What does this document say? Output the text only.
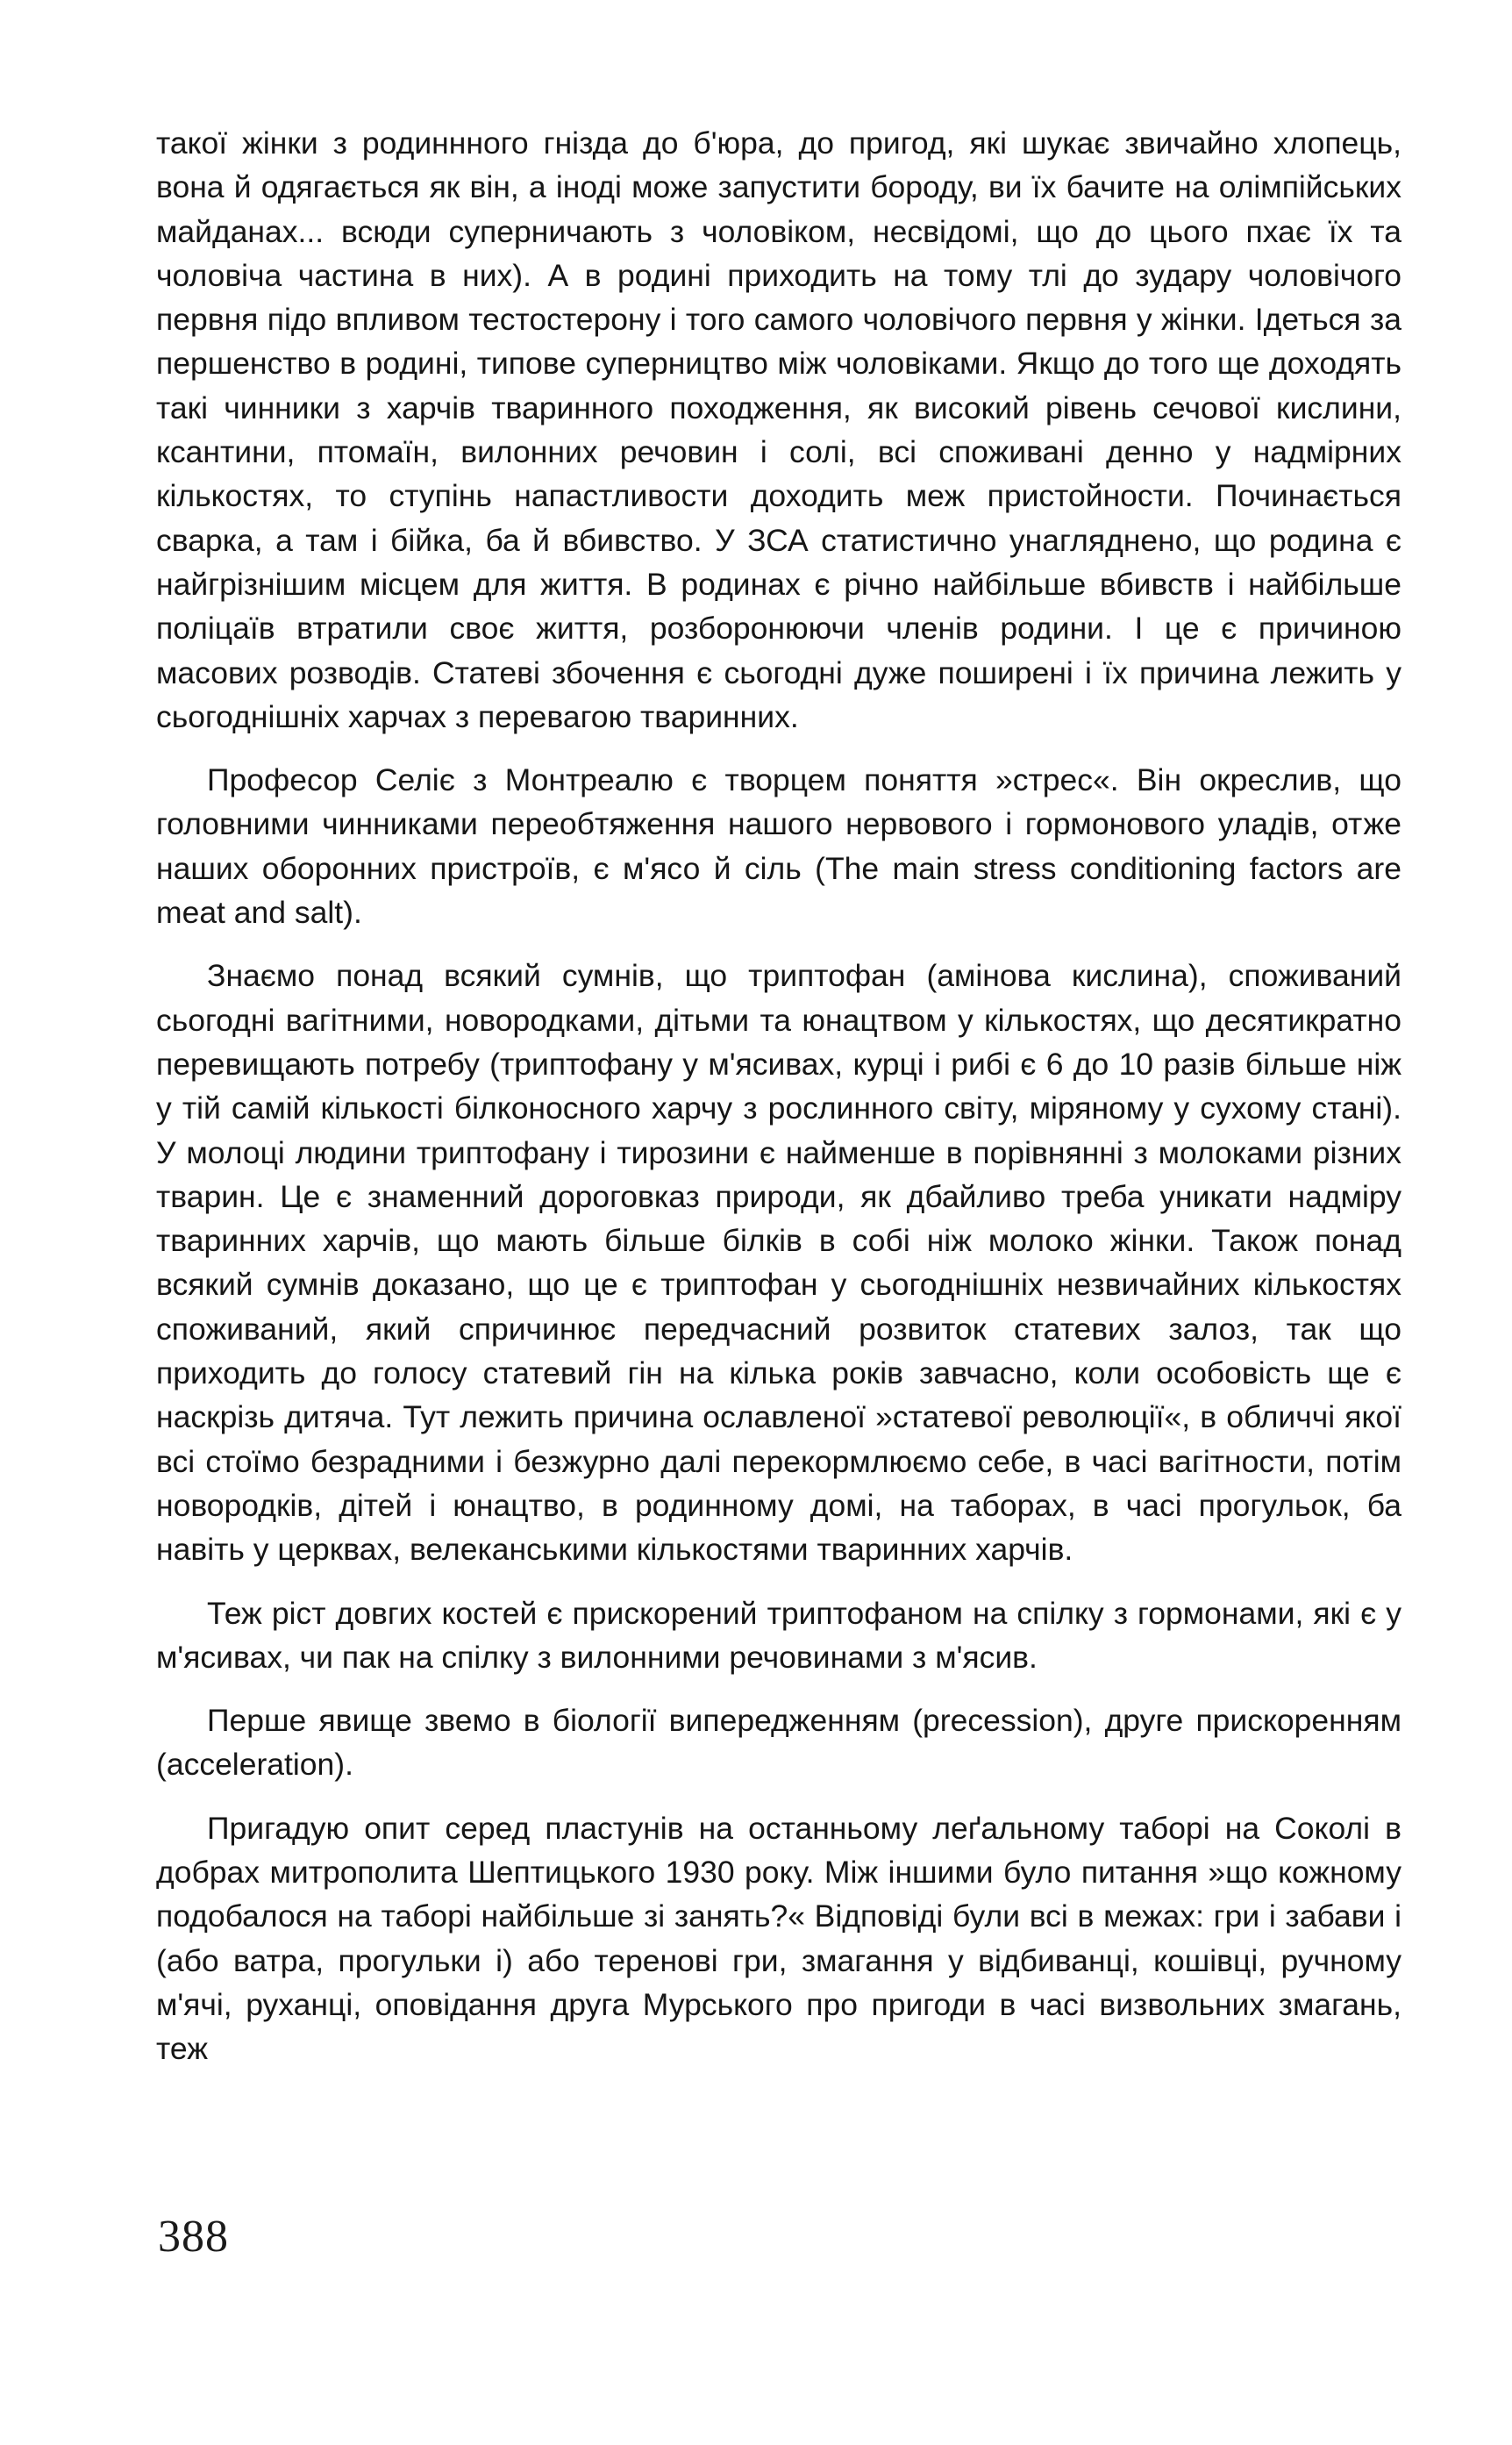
такої жінки з родинннoго гнізда до б'юра, до пригод, які шукає звичайно хлопець, вона й одягається як він, а іноді може запустити бороду, ви їх бачите на олімпійських майданах... всюди суперничають з чоловіком, несвідомі, що до цього пхає їх та чоловіча частина в них). А в родині приходить на тому тлі до зудару чоловічого первня підо впливом тестостерону і того самого чоловічого первня у жінки. Ідеться за першенство в родині, типове суперництво між чоловіками. Якщо до того ще доходять такі чинники з харчів тваринного походження, як високий рівень сечової кислини, ксантини, птомаїн, вилонних речовин і солі, всі споживані денно у надмірних кількостях, то ступінь напастливости доходить меж пристойности. Починається сварка, а там і бійка, ба й вбивство. У ЗСА статистично унагляднено, що родина є найгрізнішим місцем для життя. В родинах є річно найбільше вбивств і найбільше поліцаїв втратили своє життя, розборонюючи членів родини. І це є причиною масових розводів. Статеві збочення є сьогодні дуже поширені і їх причина лежить у сьогоднішніх харчах з перевагою тваринних.

Професор Селіє з Монтреалю є творцем поняття »стрес«. Він окреслив, що головними чинниками переобтяження нашого нервового і гормонового уладів, отже наших оборонних пристроїв, є м'ясо й сіль (The main stress conditioning factors are meat and salt).

Знаємо понад всякий сумнів, що триптофан (амінова кислина), споживаний сьогодні вагітними, новородками, дітьми та юнацтвом у кількостях, що десятикратно перевищають потребу (триптофану у м'ясивах, курці і рибі є 6 до 10 разів більше ніж у тій самій кількості білконосного харчу з рослинного світу, міряному у сухому стані). У молоці людини триптофану і тирозини є найменше в порівнянні з молоками різних тварин. Це є знаменний дороговказ природи, як дбайливо треба уникати надміру тваринних харчів, що мають більше білків в собі ніж молоко жінки. Також понад всякий сумнів доказано, що це є триптофан у сьогоднішніх незвичайних кількостях споживаний, який спричинює передчасний розвиток статевих залоз, так що приходить до голосу статевий гін на кілька років завчасно, коли особовість ще є наскрізь дитяча. Тут лежить причина ославленої »статевої революції«, в обличчі якої всі стоїмо безрадними і безжурно далі перекормлюємо себе, в часі вагітности, потім новородків, дітей і юнацтво, в родинному домі, на таборах, в часі прогульок, ба навіть у церквах, велеканськими кількостями тваринних харчів.

Теж ріст довгих костей є прискорений триптофаном на спілку з гормонами, які є у м'ясивах, чи пак на спілку з вилонними речовинами з м'ясив.

Перше явище звемо в біології випередженням (precession), друге прискоренням (acceleration).

Пригадую опит серед пластунів на останньому леґальному таборі на Соколі в добрах митрополита Шептицького 1930 року. Між іншими було питання »що кожному подобалося на таборі найбільше зі занять?« Відповіді були всі в межах: гри і забави і (або ватра, прогульки і) або теренові гри, змагання у відбиванці, кошівці, ручному м'ячі, руханці, оповідання друга Мурського про пригоди в часі визвольних змагань, теж

388
